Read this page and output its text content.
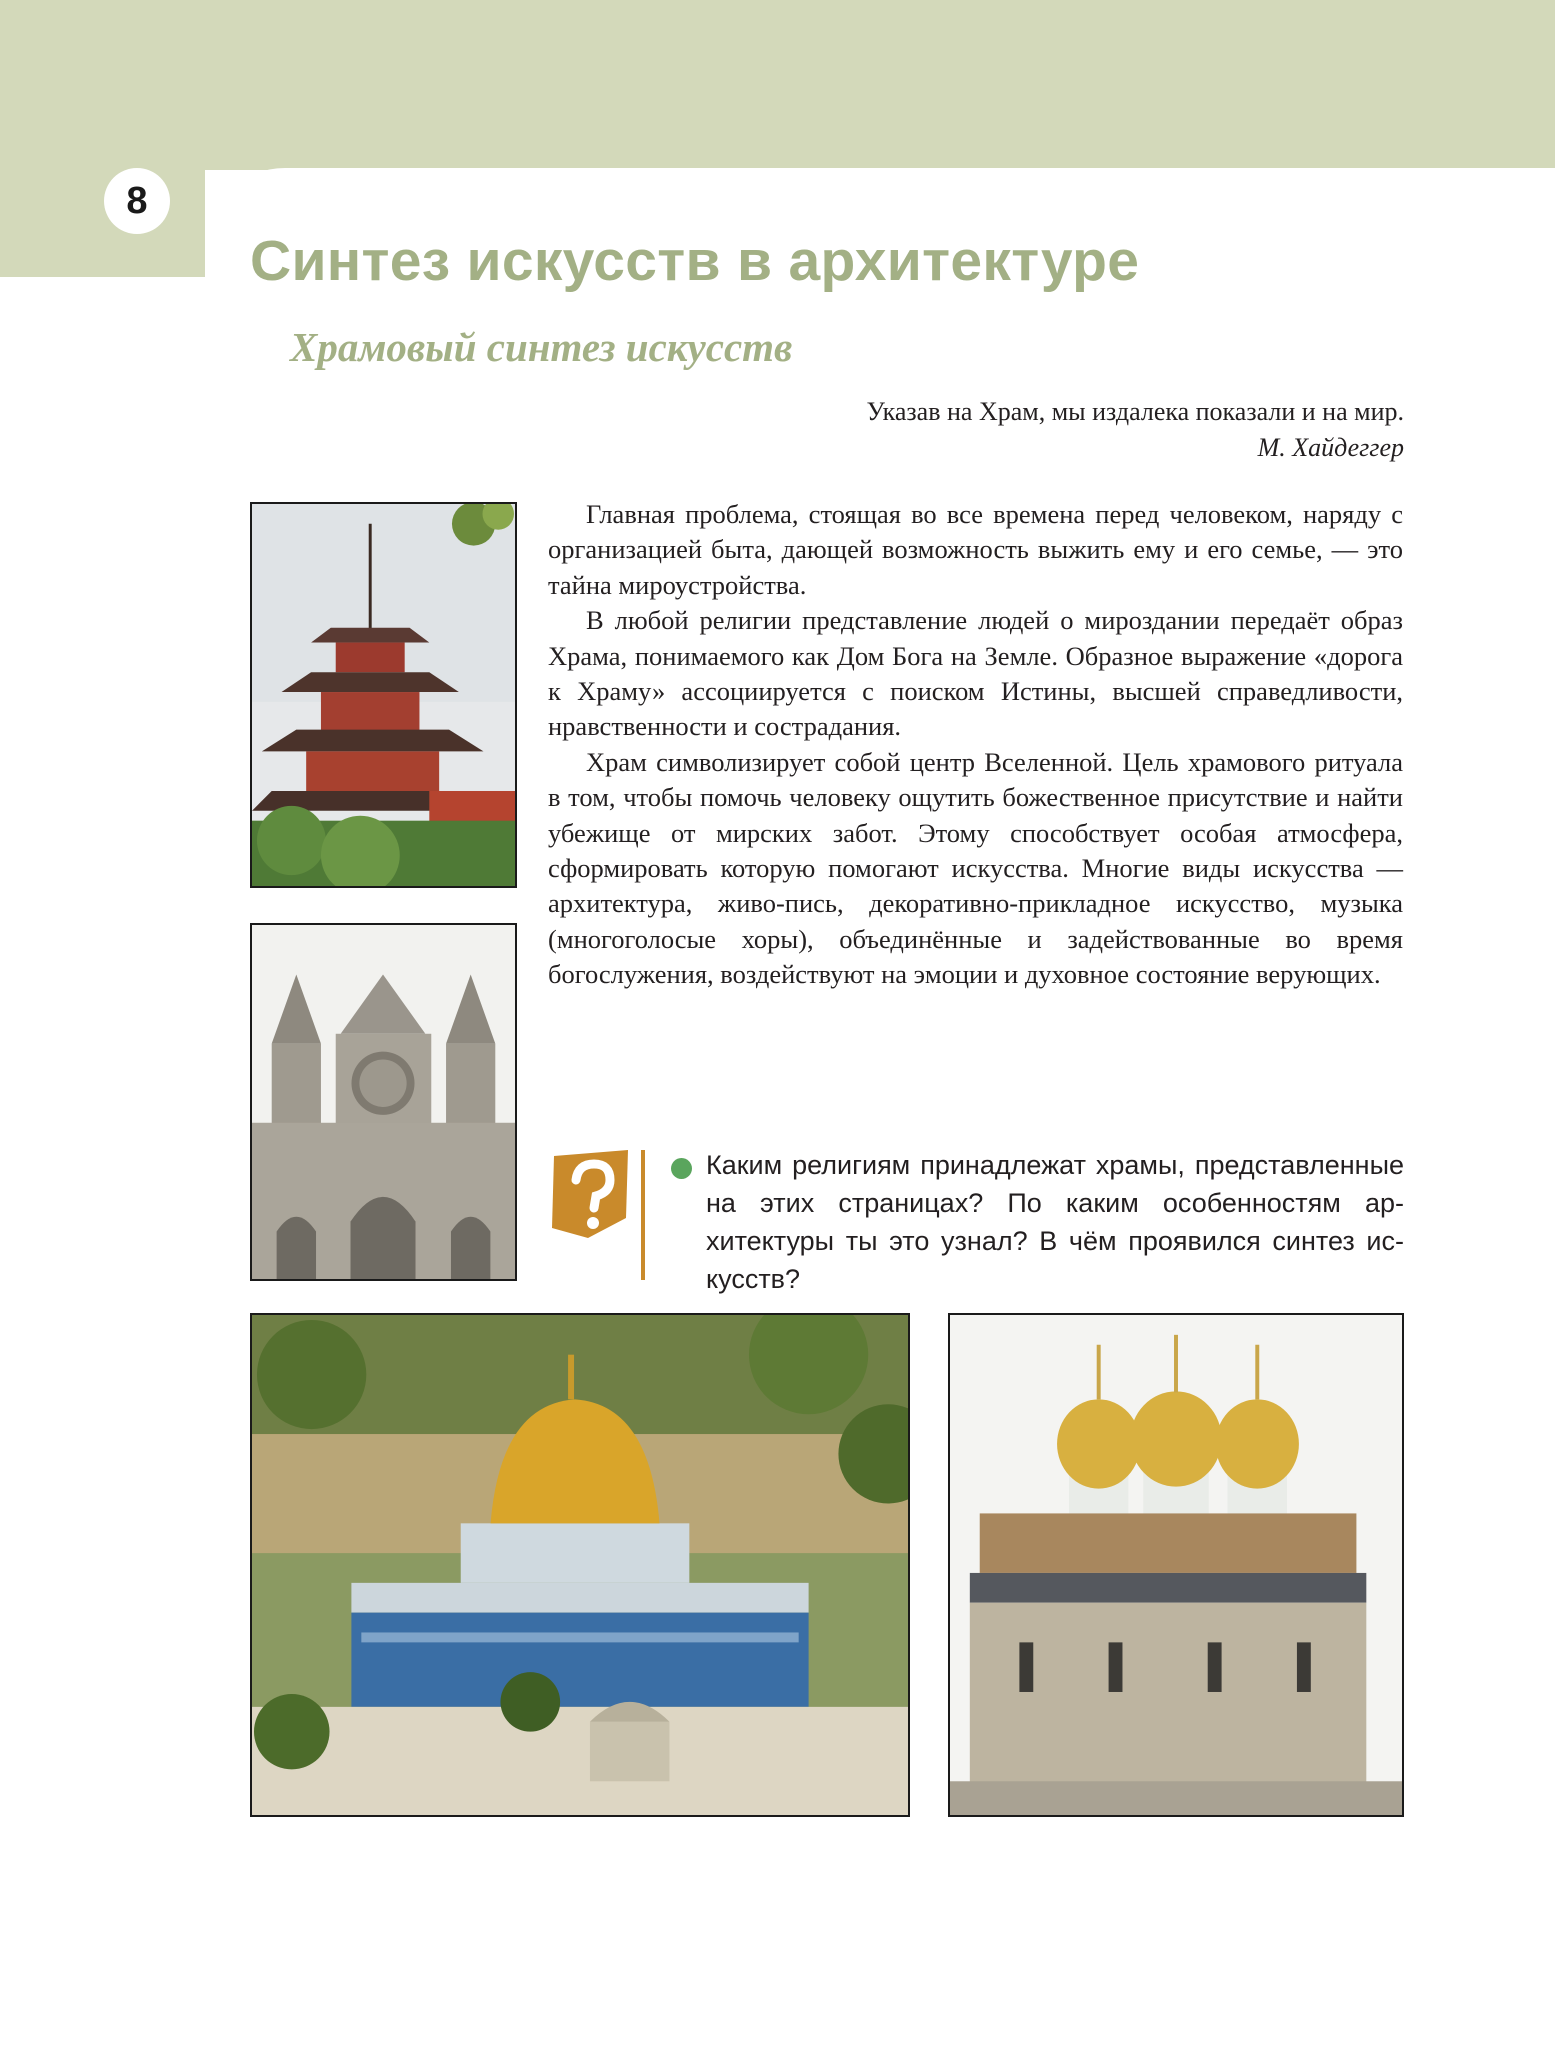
8
Синтез искусств в архитектуре
Храмовый синтез искусств
Указав на Храм, мы издалека показали и на мир.
М. Хайдеггер

Главная проблема, стоящая во все времена перед человеком, наряду с организацией быта, дающей возможность выжить ему и его семье, — это тайна мироустройства.

В любой религии представление людей о мироздании передаёт образ Храма, понимаемого как Дом Бога на Земле. Образное выражение «дорога к Храму» ассоциируется с поиском Истины, высшей справедливости, нравственности и сострадания.

Храм символизирует собой центр Вселенной. Цель храмового ритуала в том, чтобы помочь человеку ощутить божественное присутствие и найти убежище от мирских забот. Этому способствует особая атмосфера, сформировать которую помогают искусства. Многие виды искусства — архитектура, живо-пись, декоративно-прикладное искусство, музыка (многоголосые хоры), объединённые и задействованные во время богослужения, воздействуют на эмоции и духовное состояние верующих.

Каким религиям принадлежат храмы, представленные на этих страницах? По каким особенностям архитектуры ты это узнал? В чём проявился синтез искусств?
